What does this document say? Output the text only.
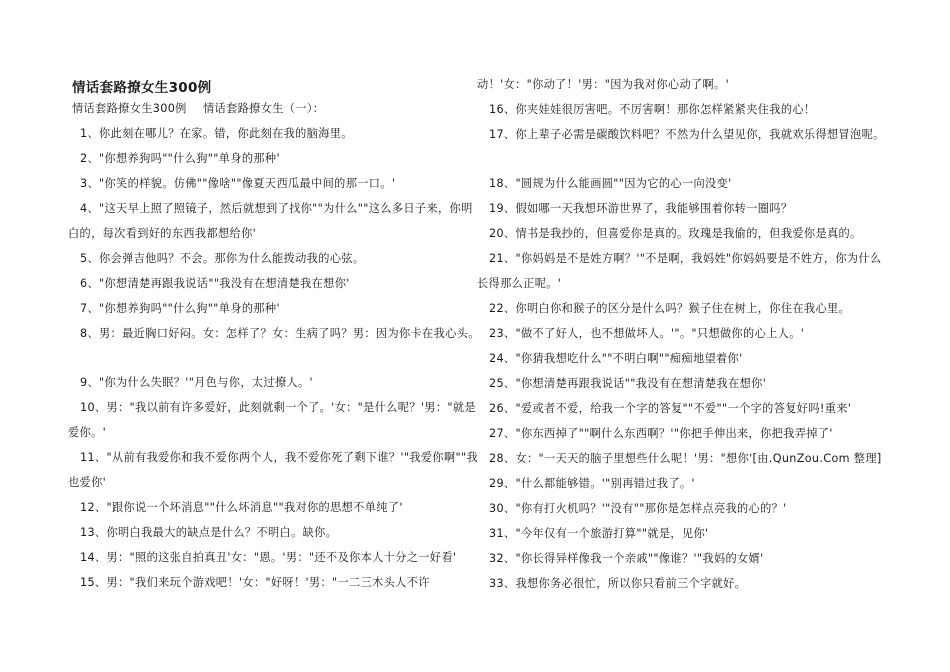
情话套路撩女生300例
情话套路撩女生300例	情话套路撩女生（一）：
1、你此刻在哪儿？在家。错，你此刻在我的脑海里。
2、"你想养狗吗""什么狗""单身的那种'
3、"你笑的样貌。仿佛""像啥""像夏天西瓜最中间的那一口。'
4、"这天早上照了照镜子，然后就想到了找你""为什么""这么多日子来，你明
白的，每次看到好的东西我都想给你'
5、你会弹吉他吗？不会。那你为什么能拨动我的心弦。
6、"你想清楚再跟我说话""我没有在想清楚我在想你'
7、"你想养狗吗""什么狗""单身的那种'
8、男：最近胸口好闷。女：怎样了？女：生病了吗？男：因为你卡在我心头。
9、"你为什么失眠？'"月色与你，太过撩人。'
10、男："我以前有许多爱好，此刻就剩一个了。'女："是什么呢？'男："就是
爱你。'
11、"从前有我爱你和我不爱你两个人，我不爱你死了剩下谁？'"我爱你啊""我
也爱你'
12、"跟你说一个坏消息""什么坏消息""我对你的思想不单纯了'
13、你明白我最大的缺点是什么？不明白。缺你。
14、男："照的这张自拍真丑'女："恩。'男："还不及你本人十分之一好看'
15、男："我们来玩个游戏吧！'女："好呀！'男："一二三木头人不许
动！'女："你动了！'男："因为我对你心动了啊。'
16、你夹娃娃很厉害吧。不厉害啊！那你怎样紧紧夹住我的心！
17、你上辈子必需是碳酸饮料吧？不然为什么望见你，我就欢乐得想冒泡呢。
18、"圆规为什么能画圆""因为它的心一向没变'
19、假如哪一天我想环游世界了，我能够围着你转一圈吗？
20、情书是我抄的，但喜爱你是真的。玫瑰是我偷的，但我爱你是真的。
21、"你妈妈是不是姓方啊？'"不是啊，我妈姓"你妈妈要是不姓方，你为什么
长得那么正呢。'
22、你明白你和猴子的区分是什么吗？猴子住在树上，你住在我心里。
23、"做不了好人，也不想做坏人。'"。"只想做你的心上人。'
24、"你猜我想吃什么""不明白啊""痴痴地望着你'
25、"你想清楚再跟我说话""我没有在想清楚我在想你'
26、"爱或者不爱，给我一个字的答复""不爱""一个字的答复好吗!重来'
27、"你东西掉了""啊什么东西啊？'"你把手伸出来，你把我弄掉了'
28、女："一天天的脑子里想些什么呢！'男："想你'[由.QunZou.Com 整理]
29、"什么都能够错。'"别再错过我了。'
30、"你有打火机吗？'"没有""那你是怎样点亮我的心的？'
31、"今年仅有一个旅游打算""就是，见你'
32、"你长得异样像我一个亲戚""像谁？'"我妈的女婿'
33、我想你务必很忙，所以你只看前三个字就好。
